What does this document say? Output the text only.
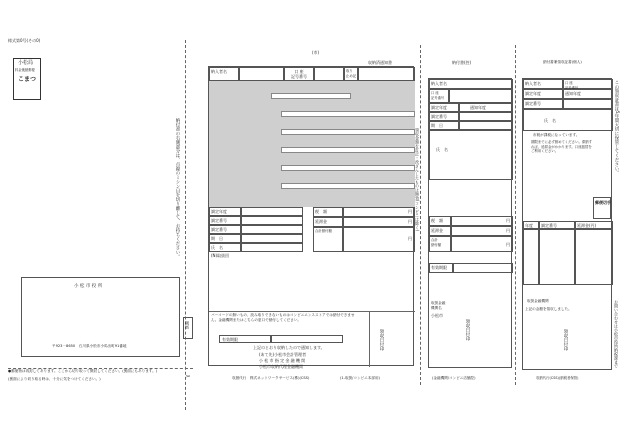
様式第0号(その0)
小松局
料金後納郵便
こまつ
納付書の右側部分は、点線のミシン目を切り離して、お持ちください。
小 松 市 役 所
〒923－8650　石川県小松市小馬出町91番地
親展
●郵便物は再封してあります。ここから切り取って開封してください。(裏面にもあります。)
(裏面により切り取る時は、十分に気をつけてください。)	✂
(市)
収納済通知書
納入者名	口 座
記号番号
取り
止め記
調定年度
調定番号
調定番号
期　日
氏　名
税　額	円
延滞金	円
合計納付額
円
(N)取扱回
バーコードの無いもの、読み取りできないものはコンビニエンスストアでは納付できません。金融機関またはこちらの窓口で納付してください。
有効期限
上記のとおり収納したので通知します。
(あて先)小松市会計管理者
小 松 市 指 定 金 融 機 関
小松市収納代理金融機関
領収日付印
収納代行　株式ネットワークサービス(株)(CSS)	(1-取扱/コンビニ本部用)
領収金額を訂正・改ざんしたものは無効(コンビニは除く)
納付書(控)
納入者名
口 座
記号番号
調定年度	通知年度
調定番号
期　日
氏　名
税　額	円
延滞金	円
合計
納付額	円
有効期限
取扱金融
機関名
小松市
領収日付印
(金融機関/コンビニ店舗控)
納付書兼領収証書(個人)
納入者名	口 座
記号番号
調定年度	通知年度
調定番号
氏　名
市税が課税になっています。
期限までに必ず納めてください。滞納すれば、延滞金がかかります。口座振替をご利用ください。
郵便切手
年度	調定番号	延滞金(円)
取扱金融機関
上記の金額を領収しました。
領収日付印
収納代行(CSS)(納税者保管)
この領収証書は5年間大切に保管してください。
お問い合わせは小松市役所納税課まで
